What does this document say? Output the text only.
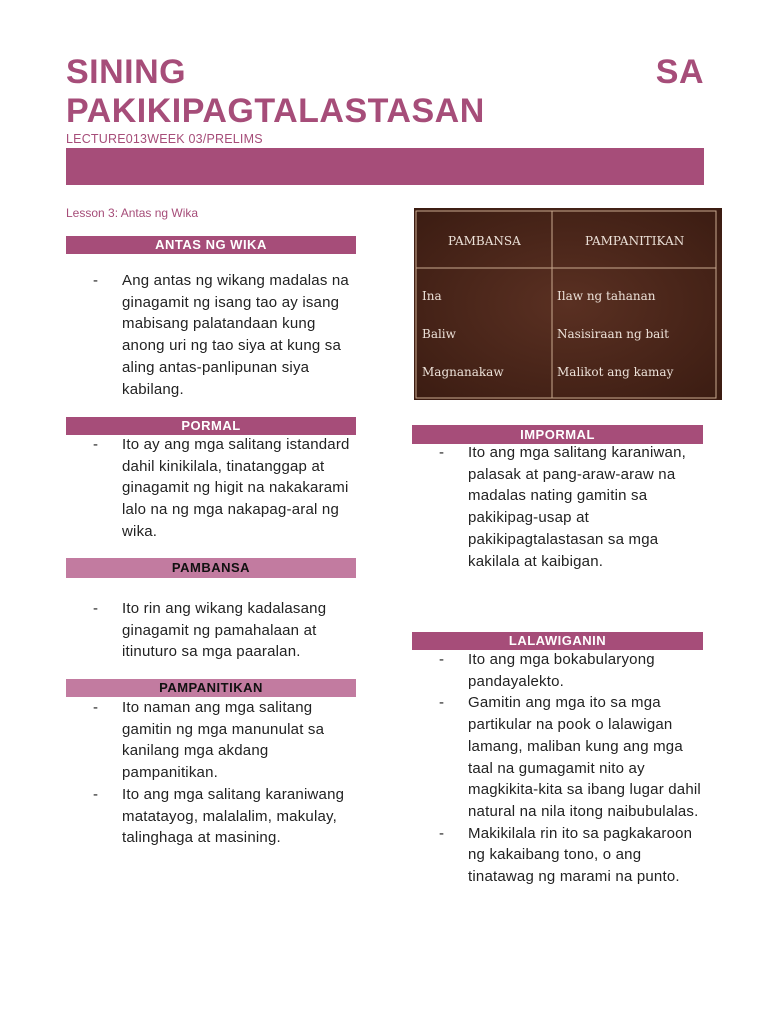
SINING	SA
PAKIKIPAGTALASTASAN
LECTURE013WEEK 03/PRELIMS
Lesson 3: Antas ng Wika
ANTAS NG WIKA
- Ang antas ng wikang madalas na ginagamit ng isang tao ay isang mabisang palatandaan kung anong uri ng tao siya at kung sa aling antas-panlipunan siya kabilang.
PORMAL
- Ito ay ang mga salitang istandard dahil kinikilala, tinatanggap at ginagamit ng higit na nakakarami lalo na ng mga nakapag-aral ng wika.
PAMBANSA
- Ito rin ang wikang kadalasang ginagamit ng pamahalaan at itinuturo sa mga paaralan.
PAMPANITIKAN
- Ito naman ang mga salitang gamitin ng mga manunulat sa kanilang mga akdang pampanitikan.
- Ito ang mga salitang karaniwang matatayog, malalalim, makulay, talinghaga at masining.
PAMBANSA	PAMPANITIKAN
Ina	Ilaw ng tahanan
Baliw	Nasisiraan ng bait
Magnanakaw	Malikot ang kamay
IMPORMAL
- Ito ang mga salitang karaniwan, palasak at pang-araw-araw na madalas nating gamitin sa pakikipag-usap at pakikipagtalastasan sa mga kakilala at kaibigan.
LALAWIGANIN
- Ito ang mga bokabularyong pandayalekto.
- Gamitin ang mga ito sa mga partikular na pook o lalawigan lamang, maliban kung ang mga taal na gumagamit nito ay magkikita-kita sa ibang lugar dahil natural na nila itong naibubulalas.
- Makikilala rin ito sa pagkakaroon ng kakaibang tono, o ang tinatawag ng marami na punto.
